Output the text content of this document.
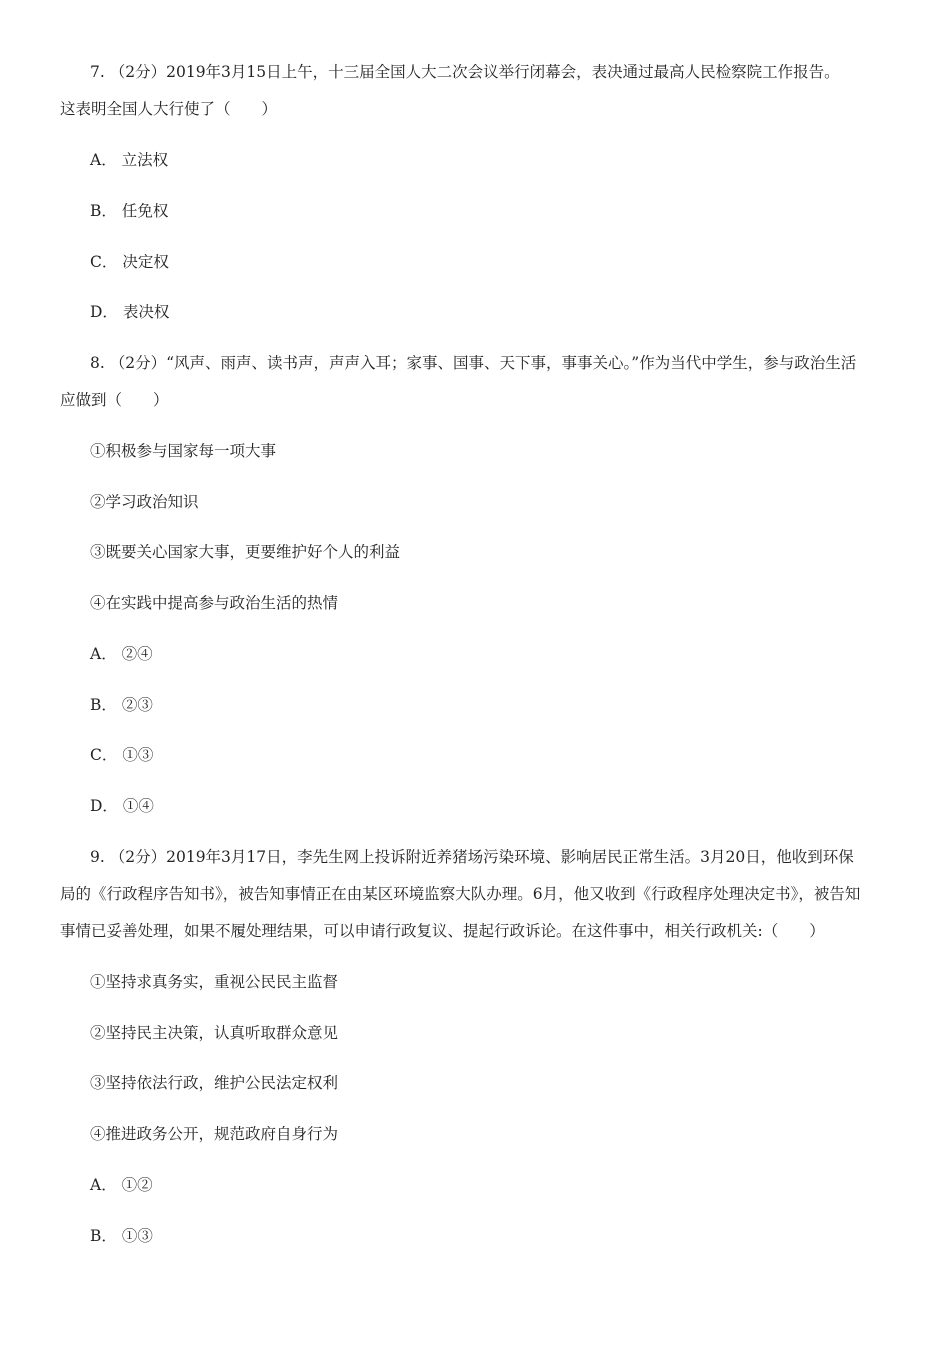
7. （2分）2019年3月15日上午，十三届全国人大二次会议举行闭幕会，表决通过最高人民检察院工作报告。
这表明全国人大行使了（　　）
A． 立法权
B． 任免权
C． 决定权
D． 表决权
8. （2分）“风声、雨声、读书声，声声入耳；家事、国事、天下事，事事关心。”作为当代中学生，参与政治生活
应做到（　　）
①积极参与国家每一项大事
②学习政治知识
③既要关心国家大事，更要维护好个人的利益
④在实践中提高参与政治生活的热情
A． ②④
B． ②③
C． ①③
D． ①④
9. （2分）2019年3月17日，李先生网上投诉附近养猪场污染环境、影响居民正常生活。3月20日，他收到环保
局的《行政程序告知书》，被告知事情正在由某区环境监察大队办理。6月，他又收到《行政程序处理决定书》，被告知
事情已妥善处理，如果不履处理结果，可以申请行政复议、提起行政诉论。在这件事中，相关行政机关:（　　）
①坚持求真务实，重视公民民主监督
②坚持民主决策，认真听取群众意见
③坚持依法行政，维护公民法定权利
④推进政务公开，规范政府自身行为
A． ①②
B． ①③
